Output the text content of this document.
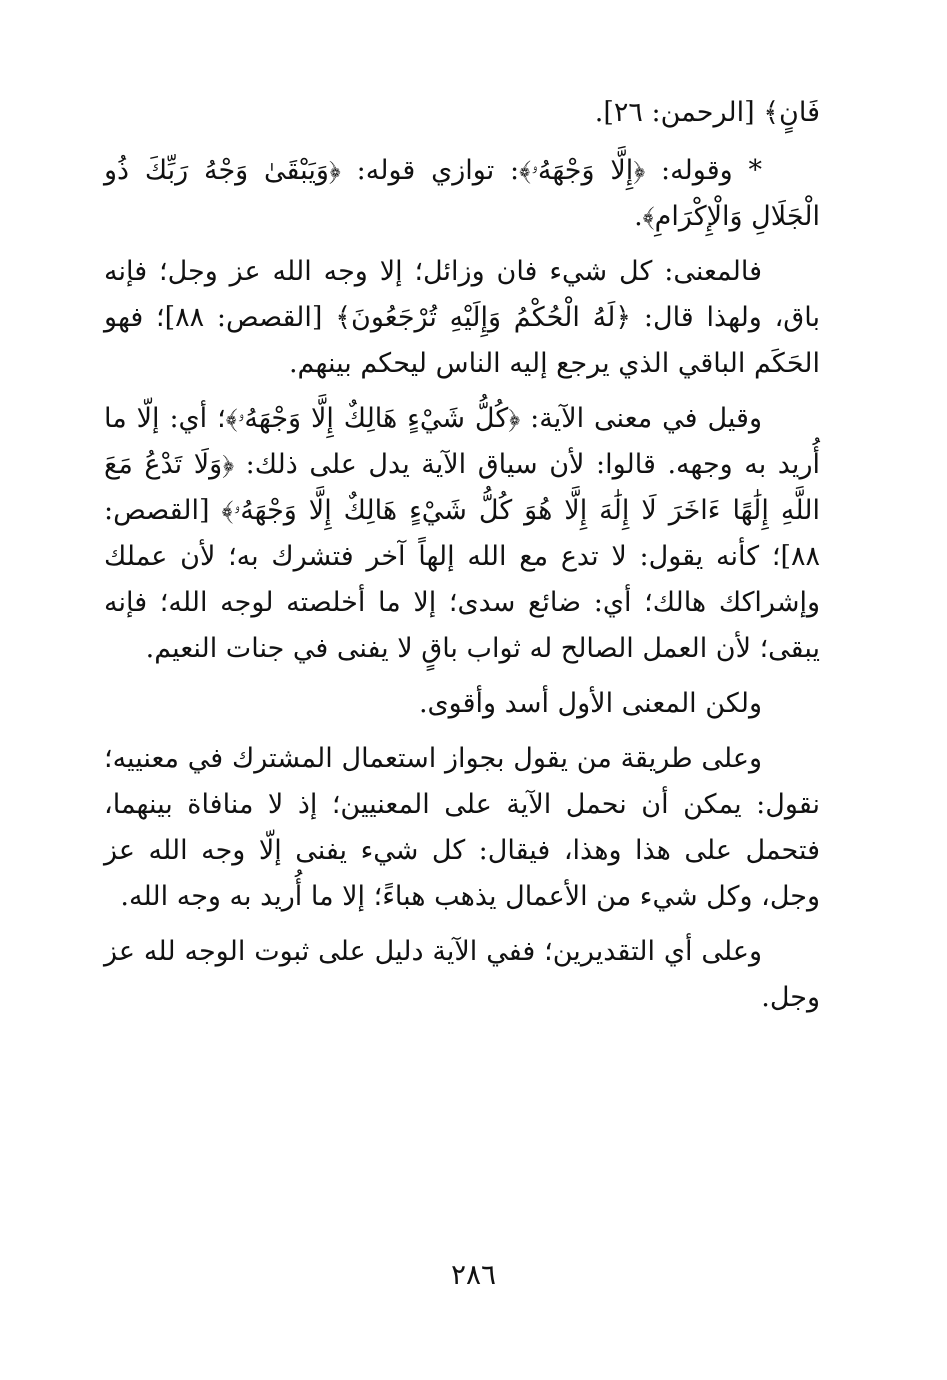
فَانٍ﴾ [الرحمن: ٢٦].

* وقوله: ﴿إِلَّا وَجْهَهُۥ﴾: توازي قوله: ﴿وَيَبْقَىٰ وَجْهُ رَبِّكَ ذُو الْجَلَالِ وَالْإِكْرَامِ﴾.

فالمعنى: كل شيء فان وزائل؛ إلا وجه الله عز وجل؛ فإنه باق، ولهذا قال: ﴿لَهُ الْحُكْمُ وَإِلَيْهِ تُرْجَعُونَ﴾ [القصص: ٨٨]؛ فهو الحَكَم الباقي الذي يرجع إليه الناس ليحكم بينهم.

وقيل في معنى الآية: ﴿كُلُّ شَيْءٍ هَالِكٌ إِلَّا وَجْهَهُۥ﴾؛ أي: إلّا ما أُريد به وجهه. قالوا: لأن سياق الآية يدل على ذلك: ﴿وَلَا تَدْعُ مَعَ اللَّهِ إِلَٰهًا ءَاخَرَ لَا إِلَٰهَ إِلَّا هُوَ كُلُّ شَيْءٍ هَالِكٌ إِلَّا وَجْهَهُۥ﴾ [القصص: ٨٨]؛ كأنه يقول: لا تدع مع الله إلهاً آخر فتشرك به؛ لأن عملك وإشراكك هالك؛ أي: ضائع سدى؛ إلا ما أخلصته لوجه الله؛ فإنه يبقى؛ لأن العمل الصالح له ثواب باقٍ لا يفنى في جنات النعيم.

ولكن المعنى الأول أسد وأقوى.

وعلى طريقة من يقول بجواز استعمال المشترك في معنييه؛ نقول: يمكن أن نحمل الآية على المعنيين؛ إذ لا منافاة بينهما، فتحمل على هذا وهذا، فيقال: كل شيء يفنى إلّا وجه الله عز وجل، وكل شيء من الأعمال يذهب هباءً؛ إلا ما أُريد به وجه الله.

وعلى أي التقديرين؛ ففي الآية دليل على ثبوت الوجه لله عز وجل.

٢٨٦
